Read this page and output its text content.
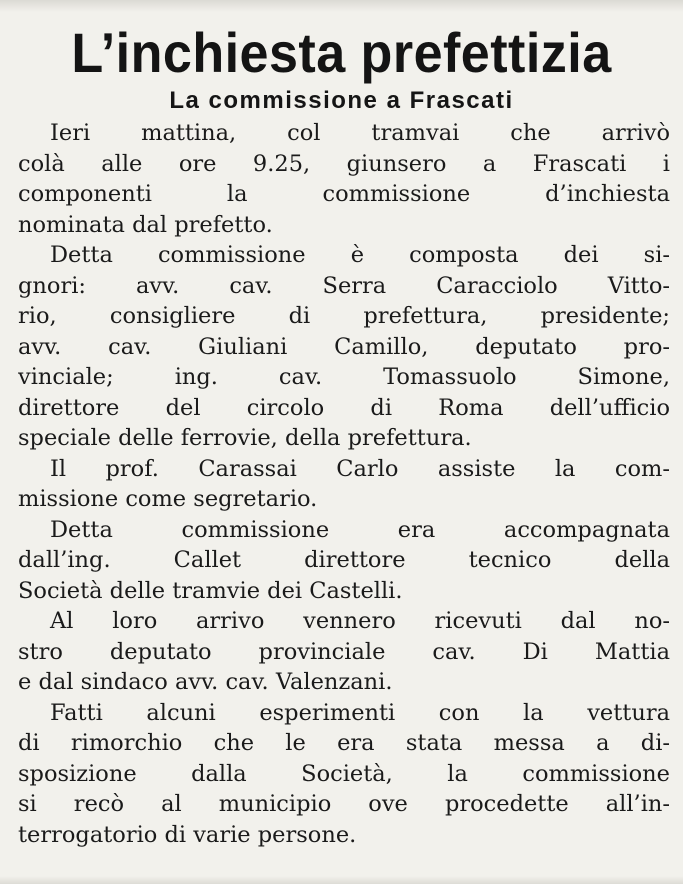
L’inchiesta prefettizia
La commissione a Frascati

Ieri mattina, col tramvai che arrivò
colà alle ore 9.25, giunsero a Frascati i
componenti la commissione d’inchiesta
nominata dal prefetto.

Detta commissione è composta dei si-
gnori: avv. cav. Serra Caracciolo Vitto-
rio, consigliere di prefettura, presidente;
avv. cav. Giuliani Camillo, deputato pro-
vinciale; ing. cav. Tomassuolo Simone,
direttore del circolo di Roma dell’ufficio
speciale delle ferrovie, della prefettura.

Il prof. Carassai Carlo assiste la com-
missione come segretario.

Detta commissione era accompagnata
dall’ing. Callet direttore tecnico della
Società delle tramvie dei Castelli.

Al loro arrivo vennero ricevuti dal no-
stro deputato provinciale cav. Di Mattia
e dal sindaco avv. cav. Valenzani.

Fatti alcuni esperimenti con la vettura
di rimorchio che le era stata messa a di-
sposizione dalla Società, la commissione
si recò al municipio ove procedette all’in-
terrogatorio di varie persone.
